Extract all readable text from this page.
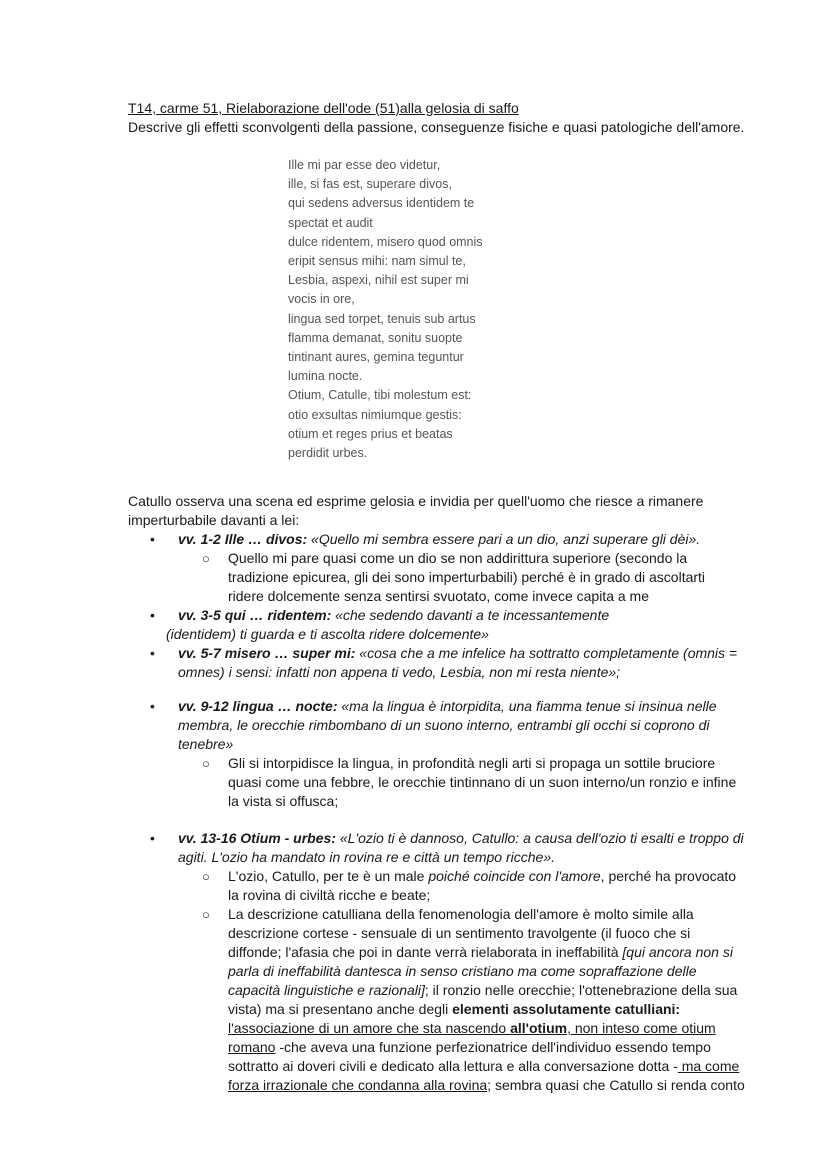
T14, carme 51, Rielaborazione dell'ode (51)alla gelosia di saffo
Descrive gli effetti sconvolgenti della passione, conseguenze fisiche e quasi patologiche dell'amore.
Ille mi par esse deo videtur,
ille, si fas est, superare divos,
qui sedens adversus identidem te
spectat et audit
dulce ridentem, misero quod omnis
eripit sensus mihi: nam simul te,
Lesbia, aspexi, nihil est super mi
vocis in ore,
lingua sed torpet, tenuis sub artus
flamma demanat, sonitu suopte
tintinant aures, gemina teguntur
lumina nocte.
Otium, Catulle, tibi molestum est:
otio exsultas nimiumque gestis:
otium et reges prius et beatas
perdidit urbes.
Catullo osserva una scena ed esprime gelosia e invidia per quell'uomo che riesce a rimanere
imperturbabile davanti a lei:
• vv. 1-2 Ille … divos: «Quello mi sembra essere pari a un dio, anzi superare gli dèi».
○ Quello mi pare quasi come un dio se non addirittura superiore (secondo la
tradizione epicurea, gli dei sono imperturbabili) perché è in grado di ascoltarti
ridere dolcemente senza sentirsi svuotato, come invece capita a me
• vv. 3-5 qui … ridentem: «che sedendo davanti a te incessantemente
(identidem) ti guarda e ti ascolta ridere dolcemente»
• vv. 5-7 misero … super mi: «cosa che a me infelice ha sottratto completamente (omnis =
omnes) i sensi: infatti non appena ti vedo, Lesbia, non mi resta niente»;
• vv. 9-12 lingua … nocte: «ma la lingua è intorpidita, una fiamma tenue si insinua nelle
membra, le orecchie rimbombano di un suono interno, entrambi gli occhi si coprono di
tenebre»
○ Gli si intorpidisce la lingua, in profondità negli arti si propaga un sottile bruciore
quasi come una febbre, le orecchie tintinnano di un suon interno/un ronzio e infine
la vista si offusca;
• vv. 13-16 Otium - urbes: «L'ozio ti è dannoso, Catullo: a causa dell'ozio ti esalti e troppo di
agiti. L'ozio ha mandato in rovina re e città un tempo ricche».
○ L'ozio, Catullo, per te è un male poiché coincide con l'amore, perché ha provocato
la rovina di civiltà ricche e beate;
○ La descrizione catulliana della fenomenologia dell'amore è molto simile alla
descrizione cortese - sensuale di un sentimento travolgente (il fuoco che si
diffonde; l'afasia che poi in dante verrà rielaborata in ineffabilità [qui ancora non si
parla di ineffabilità dantesca in senso cristiano ma come sopraffazione delle
capacità linguistiche e razionali]; il ronzio nelle orecchie; l'ottenebrazione della sua
vista) ma si presentano anche degli elementi assolutamente catulliani:
l'associazione di un amore che sta nascendo all'otium, non inteso come otium
romano -che aveva una funzione perfezionatrice dell'individuo essendo tempo
sottratto ai doveri civili e dedicato alla lettura e alla conversazione dotta - ma come
forza irrazionale che condanna alla rovina; sembra quasi che Catullo si renda conto
